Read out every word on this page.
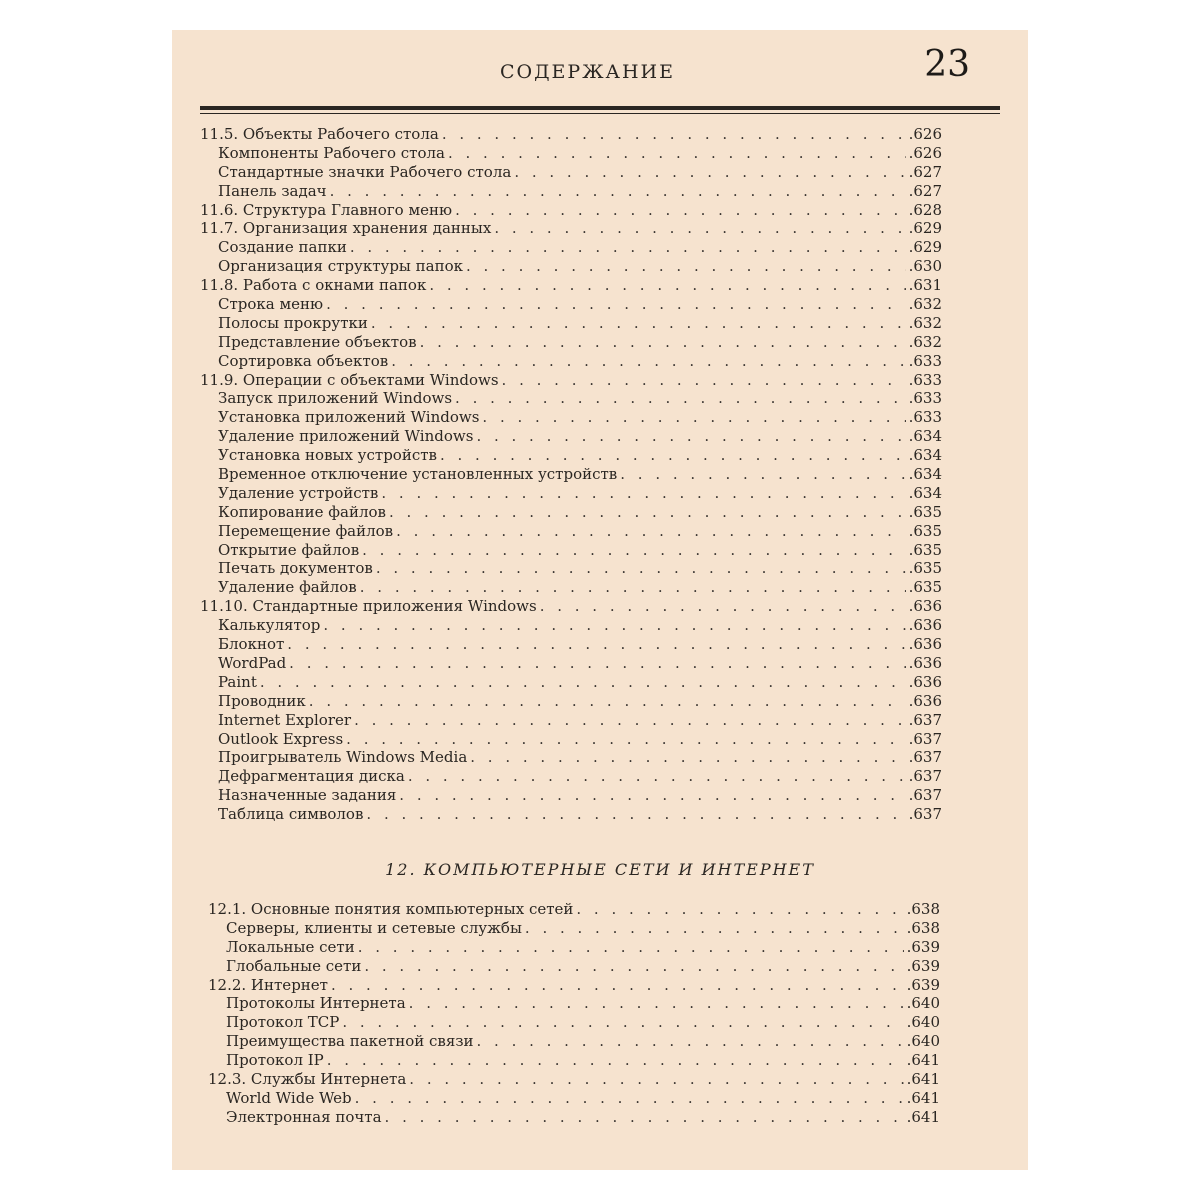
СОДЕРЖАНИЕ	23
11.5. Объекты Рабочего стола . . .	.626
Компоненты Рабочего стола . . .	.626
Стандартные значки Рабочего стола . . .	.627
Панель задач . . .	.627
11.6. Структура Главного меню . . .	.628
11.7. Организация хранения данных . . .	.629
Создание папки . . .	.629
Организация структуры папок . . .	.630
11.8. Работа с окнами папок . . .	.631
Строка меню . . .	.632
Полосы прокрутки . . .	.632
Представление объектов . . .	.632
Сортировка объектов . . .	.633
11.9. Операции с объектами Windows . . .	.633
Запуск приложений Windows . . .	.633
Установка приложений Windows . . .	.633
Удаление приложений Windows . . .	.634
Установка новых устройств . . .	.634
Временное отключение установленных устройств . . .	.634
Удаление устройств . . .	.634
Копирование файлов . . .	.635
Перемещение файлов . . .	.635
Открытие файлов . . .	.635
Печать документов . . .	.635
Удаление файлов . . .	.635
11.10. Стандартные приложения Windows . . .	.636
Калькулятор . . .	.636
Блокнот . . .	.636
WordPad . . .	.636
Paint . . .	.636
Проводник . . .	.636
Internet Explorer . . .	.637
Outlook Express . . .	.637
Проигрыватель Windows Media . . .	.637
Дефрагментация диска . . .	.637
Назначенные задания . . .	.637
Таблица символов . . .	.637
12. КОМПЬЮТЕРНЫЕ СЕТИ И ИНТЕРНЕТ
12.1. Основные понятия компьютерных сетей . . .	.638
Серверы, клиенты и сетевые службы . . .	.638
Локальные сети . . .	.639
Глобальные сети . . .	.639
12.2. Интернет . . .	.639
Протоколы Интернета . . .	.640
Протокол TCP . . .	.640
Преимущества пакетной связи . . .	.640
Протокол IP . . .	.641
12.3. Службы Интернета . . .	.641
World Wide Web . . .	.641
Электронная почта . . .	.641
